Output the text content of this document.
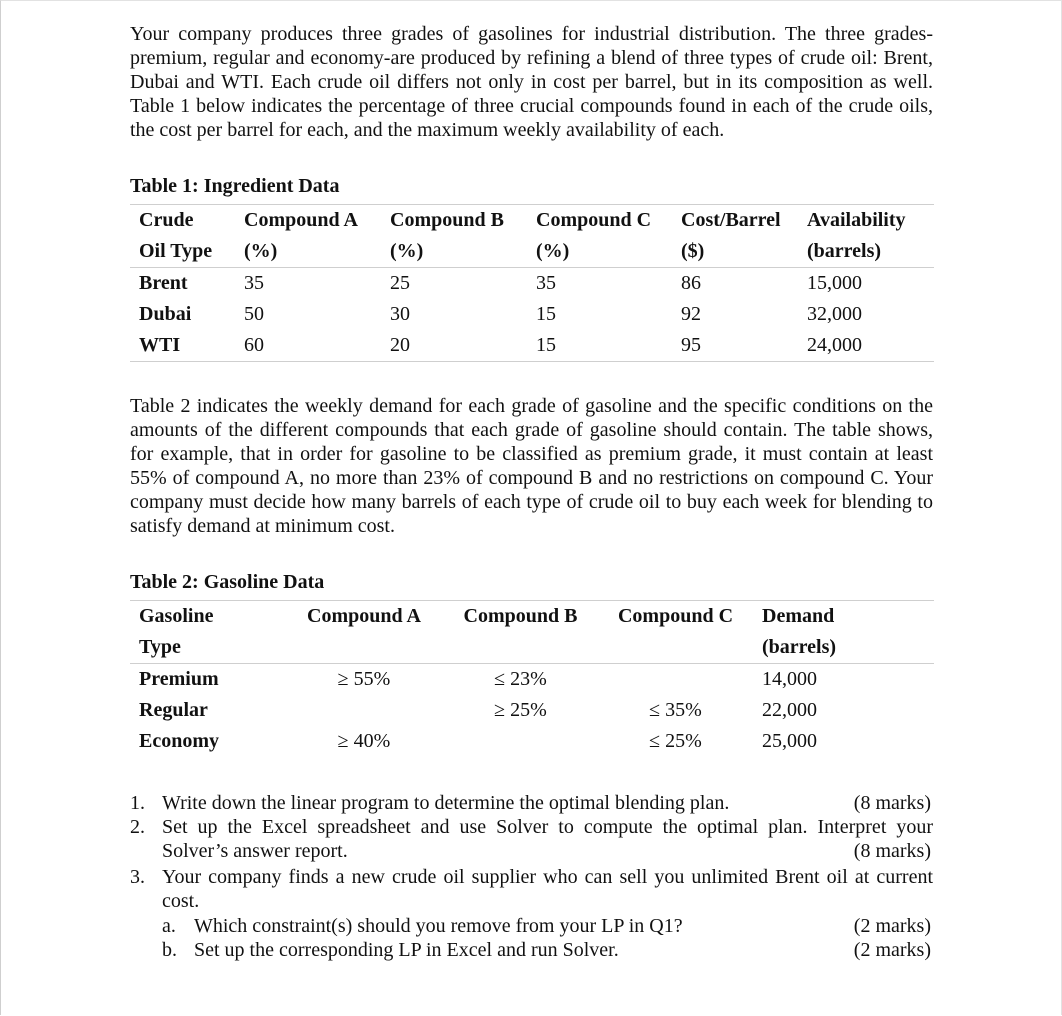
Your company produces three grades of gasolines for industrial distribution. The three grades-premium, regular and economy-are produced by refining a blend of three types of crude oil: Brent, Dubai and WTI. Each crude oil differs not only in cost per barrel, but in its composition as well. Table 1 below indicates the percentage of three crucial compounds found in each of the crude oils, the cost per barrel for each, and the maximum weekly availability of each.

Table 1: Ingredient Data
Crude	Compound A	Compound B	Compound C	Cost/Barrel	Availability
Oil Type	(%)	(%)	(%)	($)	(barrels)
Brent	35	25	35	86	15,000
Dubai	50	30	15	92	32,000
WTI	60	20	15	95	24,000

Table 2 indicates the weekly demand for each grade of gasoline and the specific conditions on the amounts of the different compounds that each grade of gasoline should contain. The table shows, for example, that in order for gasoline to be classified as premium grade, it must contain at least 55% of compound A, no more than 23% of compound B and no restrictions on compound C. Your company must decide how many barrels of each type of crude oil to buy each week for blending to satisfy demand at minimum cost.

Table 2: Gasoline Data
Gasoline	Compound A	Compound B	Compound C	Demand
Type				(barrels)
Premium	≥ 55%	≤ 23%		14,000
Regular		≥ 25%	≤ 35%	22,000
Economy	≥ 40%		≤ 25%	25,000
1. Write down the linear program to determine the optimal blending plan.	(8 marks)
2. Set up the Excel spreadsheet and use Solver to compute the optimal plan. Interpret your
Solver’s answer report.	(8 marks)
3. Your company finds a new crude oil supplier who can sell you unlimited Brent oil at current
cost.
a. Which constraint(s) should you remove from your LP in Q1?	(2 marks)
b. Set up the corresponding LP in Excel and run Solver.	(2 marks)
